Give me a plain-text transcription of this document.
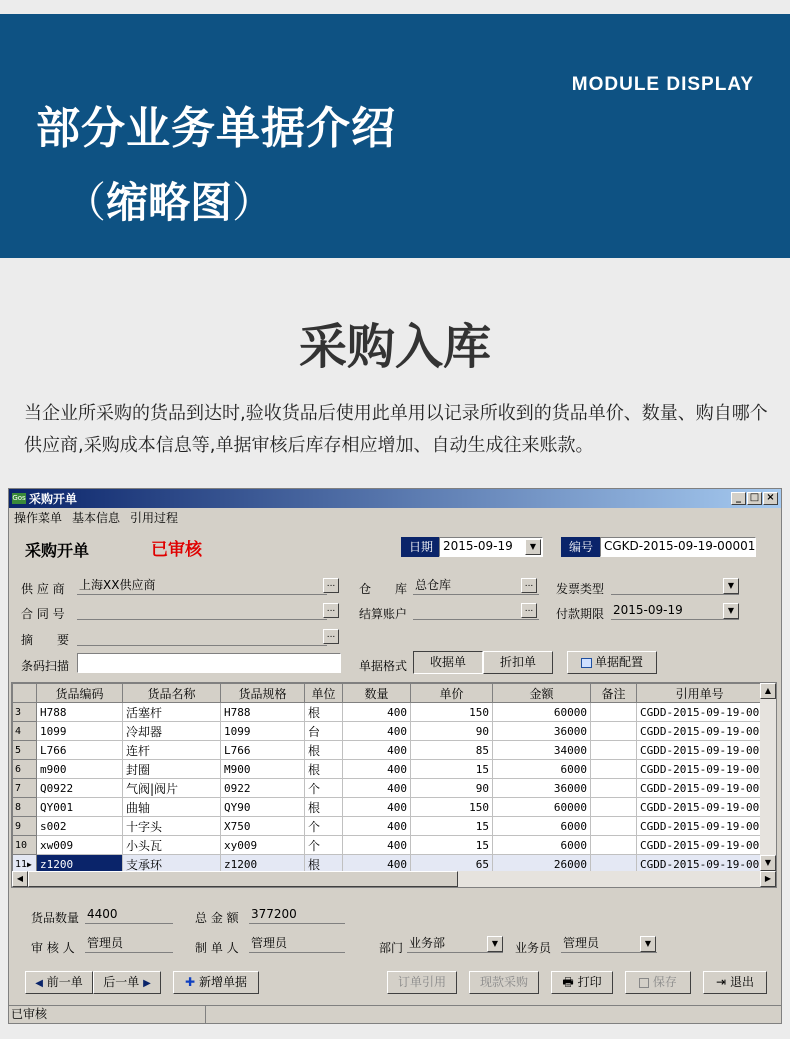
部分业务单据介绍
（缩略图）
MODULE DISPLAY
采购入库
当企业所采购的货品到达时,验收货品后使用此单用以记录所收到的货品单价、数量、购自哪个供应商,采购成本信息等,单据审核后库存相应增加、自动生成往来账款。
Gos 采购开单	_ □ ×
操作菜单 基本信息 引用过程
采购开单	已审核	日期 2015-09-19	▼	编号 CGKD-2015-09-19-00001
供 应 商 上海XX供应商	...
合 同 号	...
摘　　要	...
条码扫描
仓　　库 总仓库	...
结算账户	...
发票类型	▼
付款期限 2015-09-19	▼
单据格式	收据单	折扣单	单据配置
	货品编码	货品名称	货品规格	单位	数量	单价	金额	备注	引用单号
3	H788	活塞杆	H788	根	400	150	60000		CGDD-2015-09-19-00
4	1099	冷却器	1099	台	400	90	36000		CGDD-2015-09-19-00
5	L766	连杆	L766	根	400	85	34000		CGDD-2015-09-19-00
6	m900	封圈	M900	根	400	15	6000		CGDD-2015-09-19-00
7	Q0922	气阀|阀片	0922	个	400	90	36000		CGDD-2015-09-19-00
8	QY001	曲轴	QY90	根	400	150	60000		CGDD-2015-09-19-00
9	s002	十字头	X750	个	400	15	6000		CGDD-2015-09-19-00
10	xw009	小头瓦	xy009	个	400	15	6000		CGDD-2015-09-19-00
11▶	z1200	支承环	z1200	根	400	65	26000		CGDD-2015-09-19-00
▲
▼
◀	▶
货品数量 4400	总 金 额 377200
审 核 人 管理员	制 单 人 管理员	部门 业务部	▼	业务员 管理员	▼
◀ 前一单	后一单 ▶	✚ 新增单据	订单引用	现款采购	🖶 打印	保存	⇥ 退出
已审核
